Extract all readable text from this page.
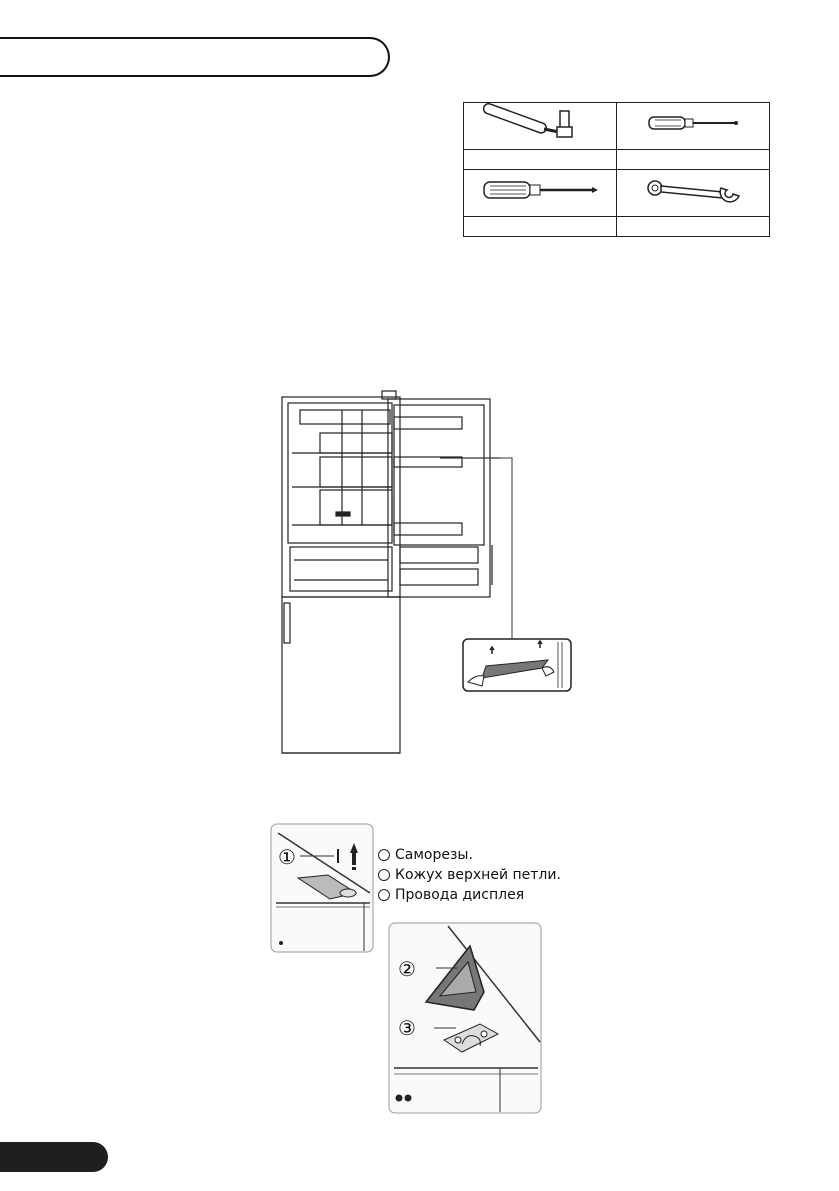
①	Саморезы.
Кожух верхней петли.
Провода дисплея
②
③
